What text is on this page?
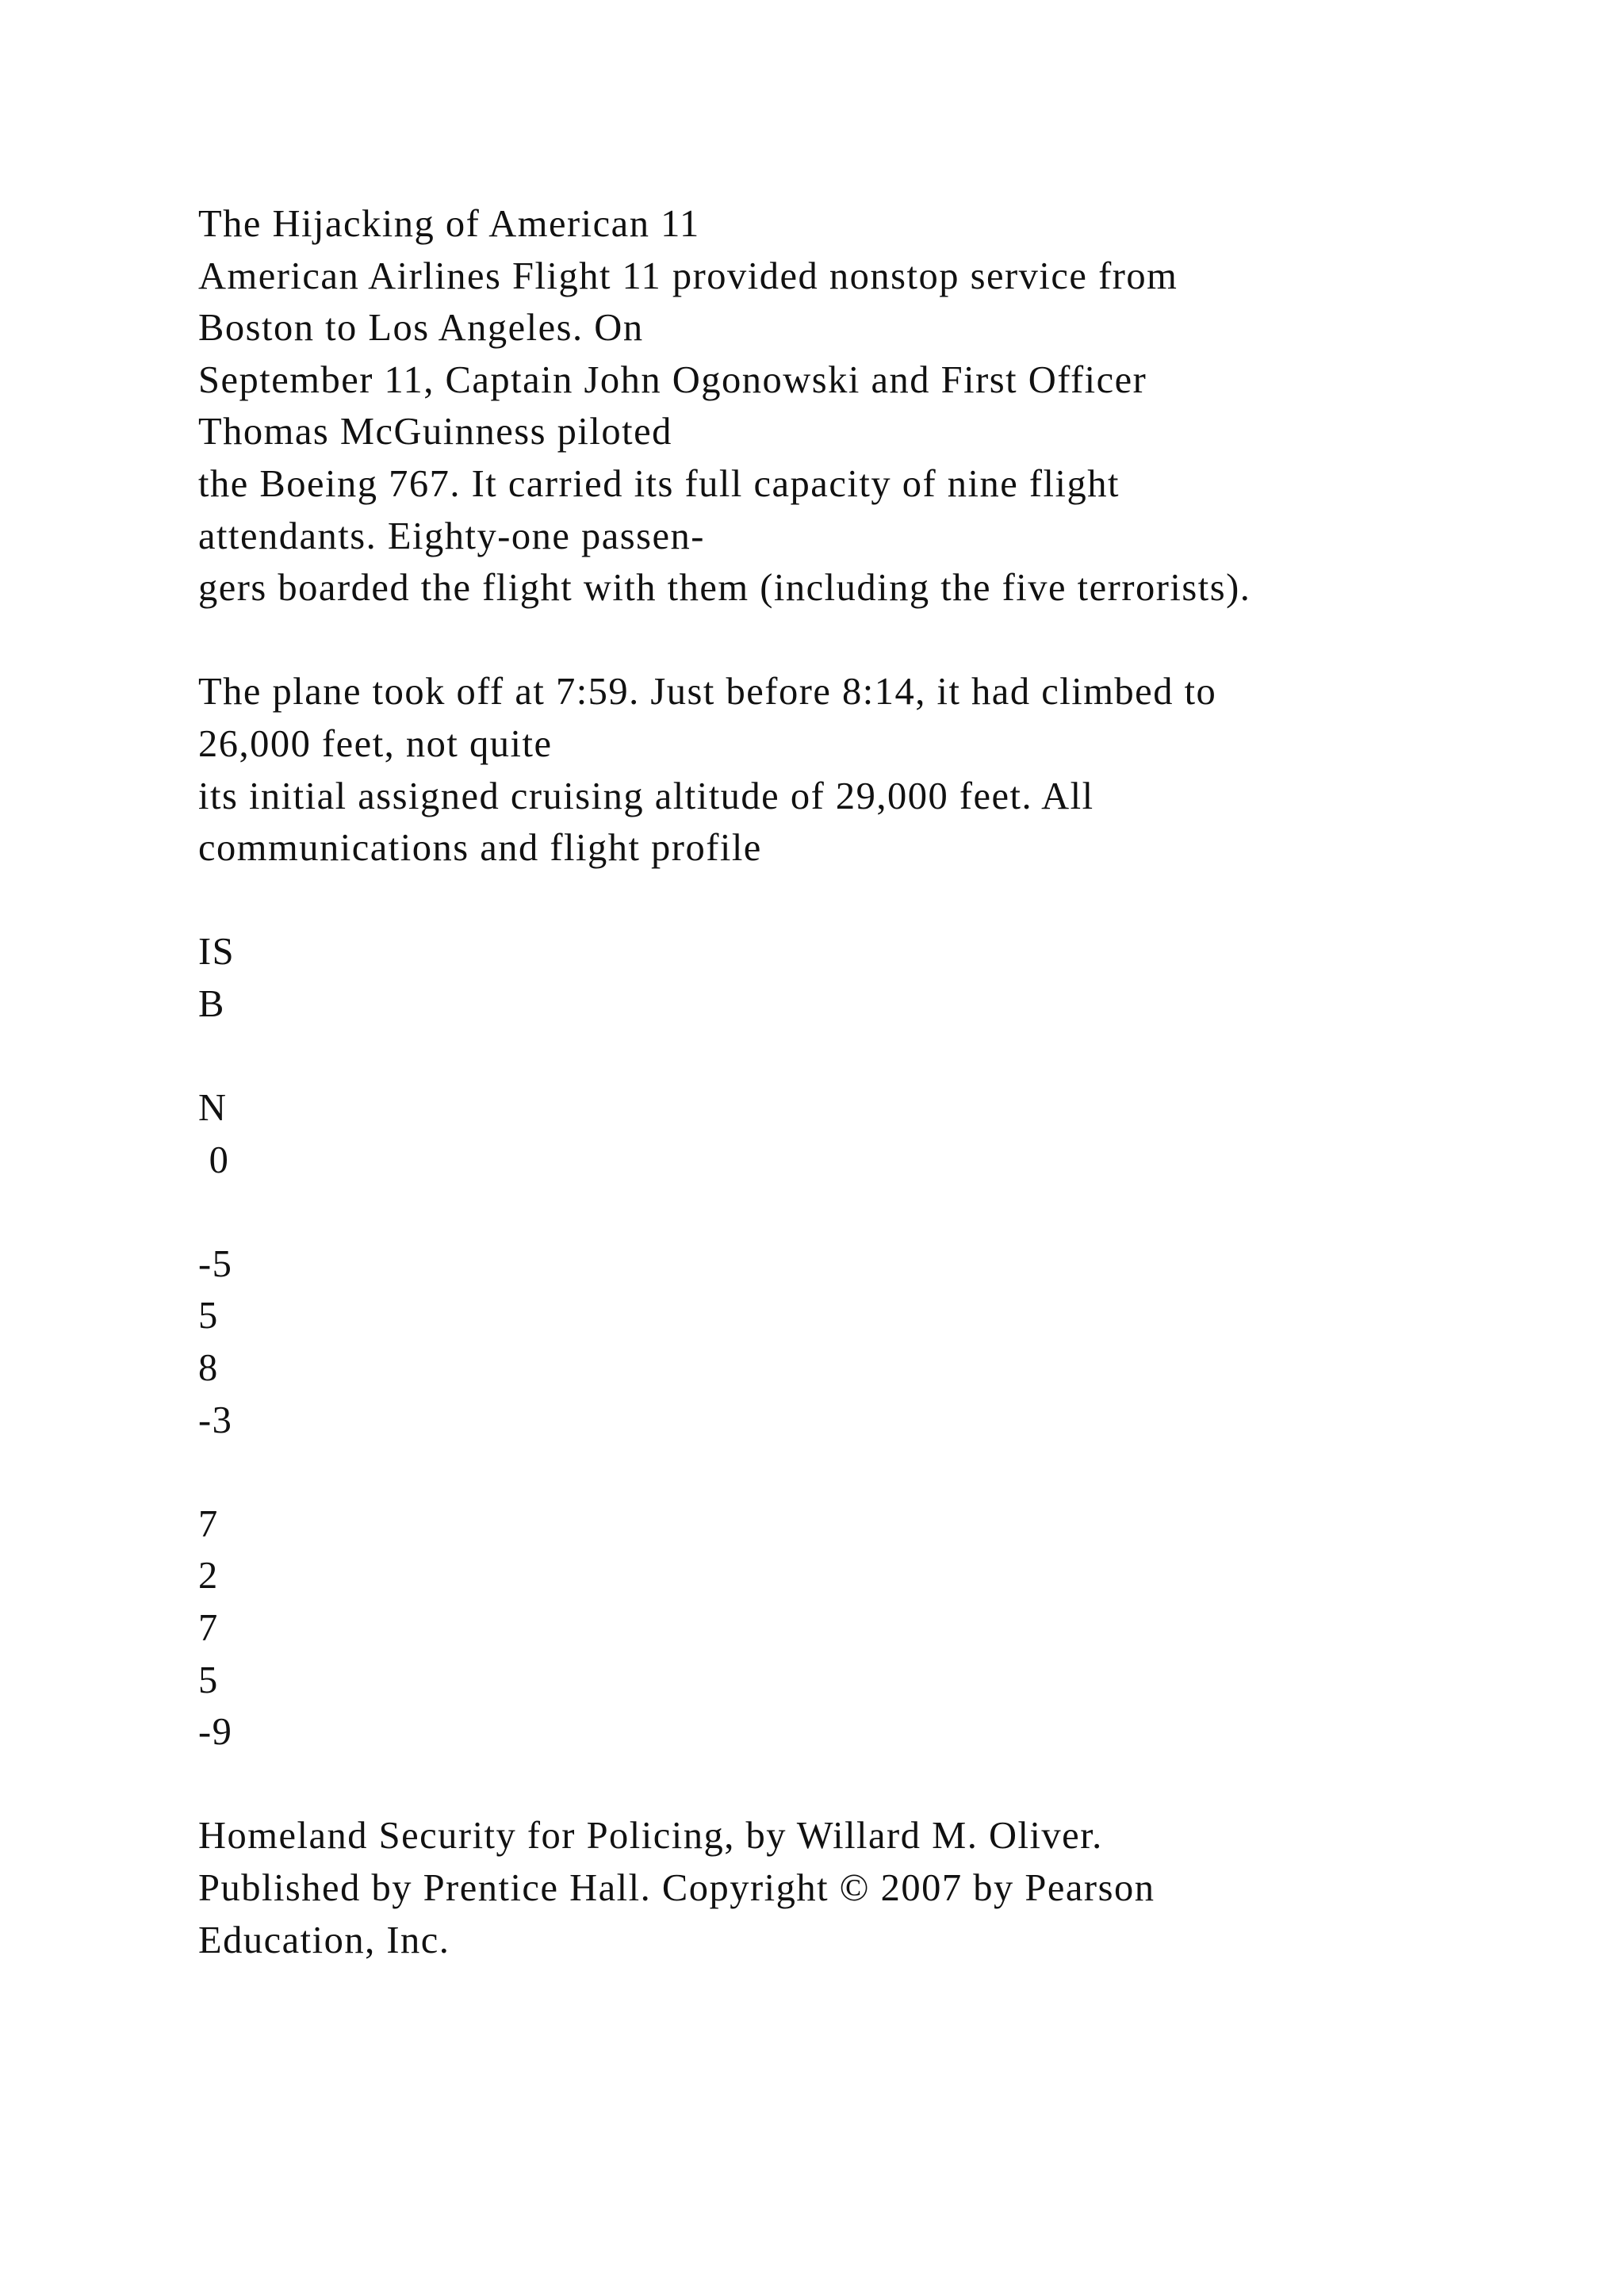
The Hijacking of American 11
American Airlines Flight 11 provided nonstop service from
Boston to Los Angeles. On
September 11, Captain John Ogonowski and First Officer
Thomas McGuinness piloted
the Boeing 767. It carried its full capacity of nine flight
attendants. Eighty-one passen-
gers boarded the flight with them (including the five terrorists).
The plane took off at 7:59. Just before 8:14, it had climbed to
26,000 feet, not quite
its initial assigned cruising altitude of 29,000 feet. All
communications and flight profile
IS
B
N
0
-5
5
8
-3
7
2
7
5
-9
Homeland Security for Policing, by Willard M. Oliver.
Published by Prentice Hall. Copyright © 2007 by Pearson
Education, Inc.
